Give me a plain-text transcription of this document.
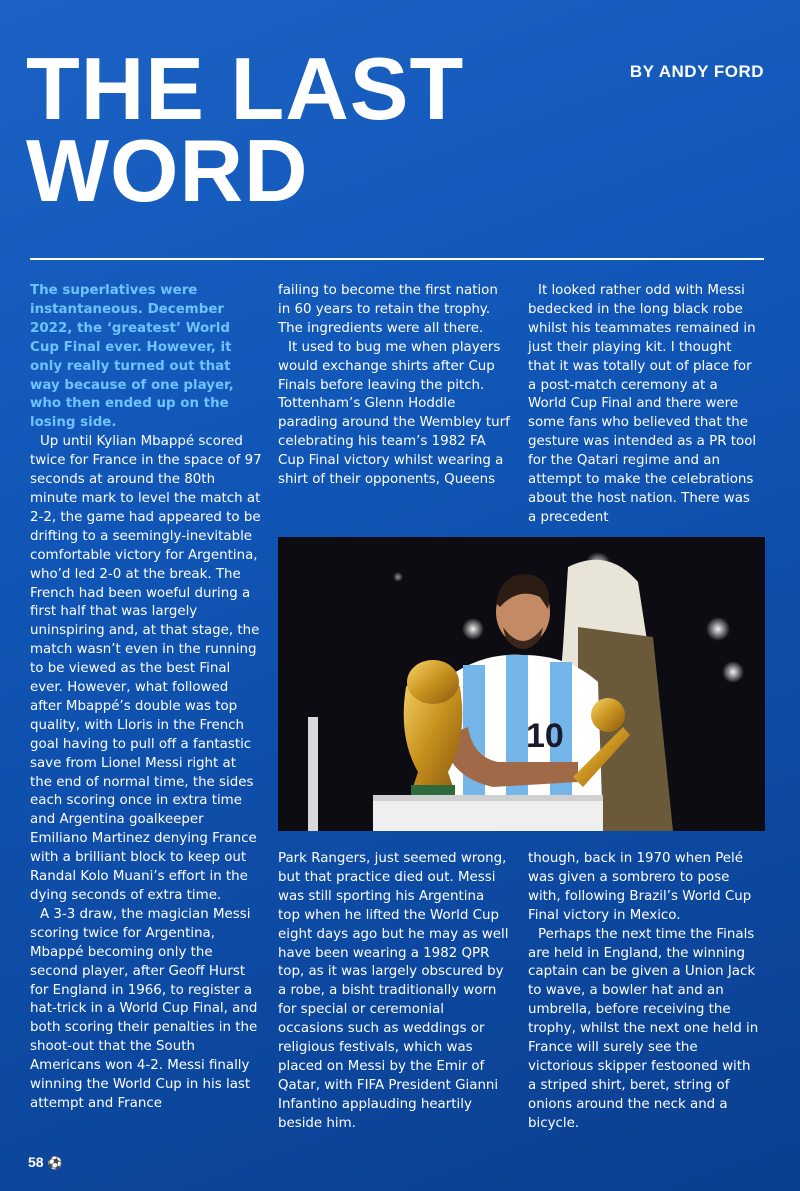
THE LAST
WORD
BY ANDY FORD

The superlatives were instantaneous. December 2022, the ‘greatest’ World Cup Final ever. However, it only really turned out that way because of one player, who then ended up on the losing side.

Up until Kylian Mbappé scored twice for France in the space of 97 seconds at around the 80th minute mark to level the match at 2-2, the game had appeared to be drifting to a seemingly-inevitable comfortable victory for Argentina, who’d led 2-0 at the break. The French had been woeful during a first half that was largely uninspiring and, at that stage, the match wasn’t even in the running to be viewed as the best Final ever. However, what followed after Mbappé’s double was top quality, with Lloris in the French goal having to pull off a fantastic save from Lionel Messi right at the end of normal time, the sides each scoring once in extra time and Argentina goalkeeper Emiliano Martinez denying France with a brilliant block to keep out Randal Kolo Muani’s effort in the dying seconds of extra time.

A 3-3 draw, the magician Messi scoring twice for Argentina, Mbappé becoming only the second player, after Geoff Hurst for England in 1966, to register a hat-trick in a World Cup Final, and both scoring their penalties in the shoot-out that the South Americans won 4-2. Messi finally winning the World Cup in his last attempt and France

failing to become the first nation in 60 years to retain the trophy. The ingredients were all there.

It used to bug me when players would exchange shirts after Cup Finals before leaving the pitch. Tottenham’s Glenn Hoddle parading around the Wembley turf celebrating his team’s 1982 FA Cup Final victory whilst wearing a shirt of their opponents, Queens

It looked rather odd with Messi bedecked in the long black robe whilst his teammates remained in just their playing kit. I thought that it was totally out of place for a post-match ceremony at a World Cup Final and there were some fans who believed that the gesture was intended as a PR tool for the Qatari regime and an attempt to make the celebrations about the host nation. There was a precedent

10

Park Rangers, just seemed wrong, but that practice died out. Messi was still sporting his Argentina top when he lifted the World Cup eight days ago but he may as well have been wearing a 1982 QPR top, as it was largely obscured by a robe, a bisht traditionally worn for special or ceremonial occasions such as weddings or religious festivals, which was placed on Messi by the Emir of Qatar, with FIFA President Gianni Infantino applauding heartily beside him.

though, back in 1970 when Pelé was given a sombrero to pose with, following Brazil’s World Cup Final victory in Mexico.

Perhaps the next time the Finals are held in England, the winning captain can be given a Union Jack to wave, a bowler hat and an umbrella, before receiving the trophy, whilst the next one held in France will surely see the victorious skipper festooned with a striped shirt, beret, string of onions around the neck and a bicycle.

58 ⚽
